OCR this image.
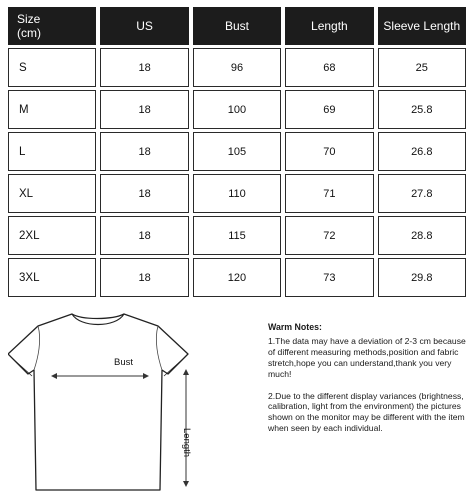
Size
(cm)	US	Bust	Length	Sleeve Length
S	18	96	68	25
M	18	100	69	25.8
L	18	105	70	26.8
XL	18	110	71	27.8
2XL	18	115	72	28.8
3XL	18	120	73	29.8
Bust
Length
Warm Notes:

1.The data may have a deviation of 2-3 cm because of different measuring methods,position and fabric stretch,hope you can understand,thank you very much!

2.Due to the different display variances (brightness, calibration, light from the environment) the pictures shown on the monitor may be different with the item when seen by each individual.
